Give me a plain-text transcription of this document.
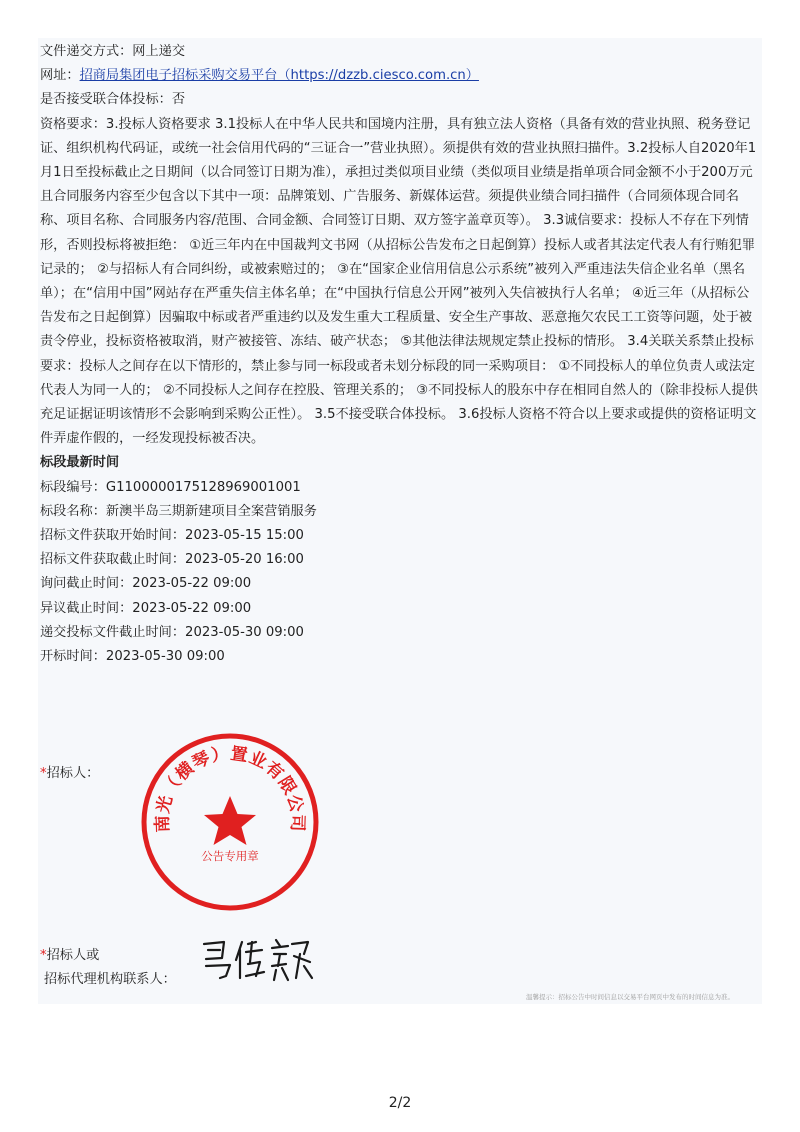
文件递交方式：网上递交

网址：招商局集团电子招标采购交易平台（https://dzzb.ciesco.com.cn）

是否接受联合体投标：否

资格要求：3.投标人资格要求 3.1投标人在中华人民共和国境内注册，具有独立法人资格（具备有效的营业执照、税务登记证、组织机构代码证，或统一社会信用代码的“三证合一”营业执照）。须提供有效的营业执照扫描件。3.2投标人自2020年1月1日至投标截止之日期间（以合同签订日期为准），承担过类似项目业绩（类似项目业绩是指单项合同金额不小于200万元且合同服务内容至少包含以下其中一项：品牌策划、广告服务、新媒体运营。须提供业绩合同扫描件（合同须体现合同名称、项目名称、合同服务内容/范围、合同金额、合同签订日期、双方签字盖章页等）。 3.3诚信要求：投标人不存在下列情形，否则投标将被拒绝： ①近三年内在中国裁判文书网（从招标公告发布之日起倒算）投标人或者其法定代表人有行贿犯罪记录的； ②与招标人有合同纠纷，或被索赔过的； ③在“国家企业信用信息公示系统”被列入严重违法失信企业名单（黑名单）；在“信用中国”网站存在严重失信主体名单；在“中国执行信息公开网”被列入失信被执行人名单； ④近三年（从招标公告发布之日起倒算）因骗取中标或者严重违约以及发生重大工程质量、安全生产事故、恶意拖欠农民工工资等问题，处于被责令停业，投标资格被取消，财产被接管、冻结、破产状态； ⑤其他法律法规规定禁止投标的情形。 3.4关联关系禁止投标要求：投标人之间存在以下情形的，禁止参与同一标段或者未划分标段的同一采购项目： ①不同投标人的单位负责人或法定代表人为同一人的； ②不同投标人之间存在控股、管理关系的； ③不同投标人的股东中存在相同自然人的（除非投标人提供充足证据证明该情形不会影响到采购公正性）。 3.5不接受联合体投标。 3.6投标人资格不符合以上要求或提供的资格证明文件弄虚作假的，一经发现投标被否决。

标段最新时间

标段编号：G1100000175128969001001

标段名称：新澳半岛三期新建项目全案营销服务

招标文件获取开始时间：2023-05-15 15:00

招标文件获取截止时间：2023-05-20 16:00

询问截止时间：2023-05-22 09:00

异议截止时间：2023-05-22 09:00

递交投标文件截止时间：2023-05-30 09:00

开标时间：2023-05-30 09:00

*招标人：
南光（横琴）置业有限公司
公告专用章
*招标人或
招标代理机构联系人：
温馨提示：招标公告中时间信息以交易平台网页中发布的时间信息为准。
2/2
